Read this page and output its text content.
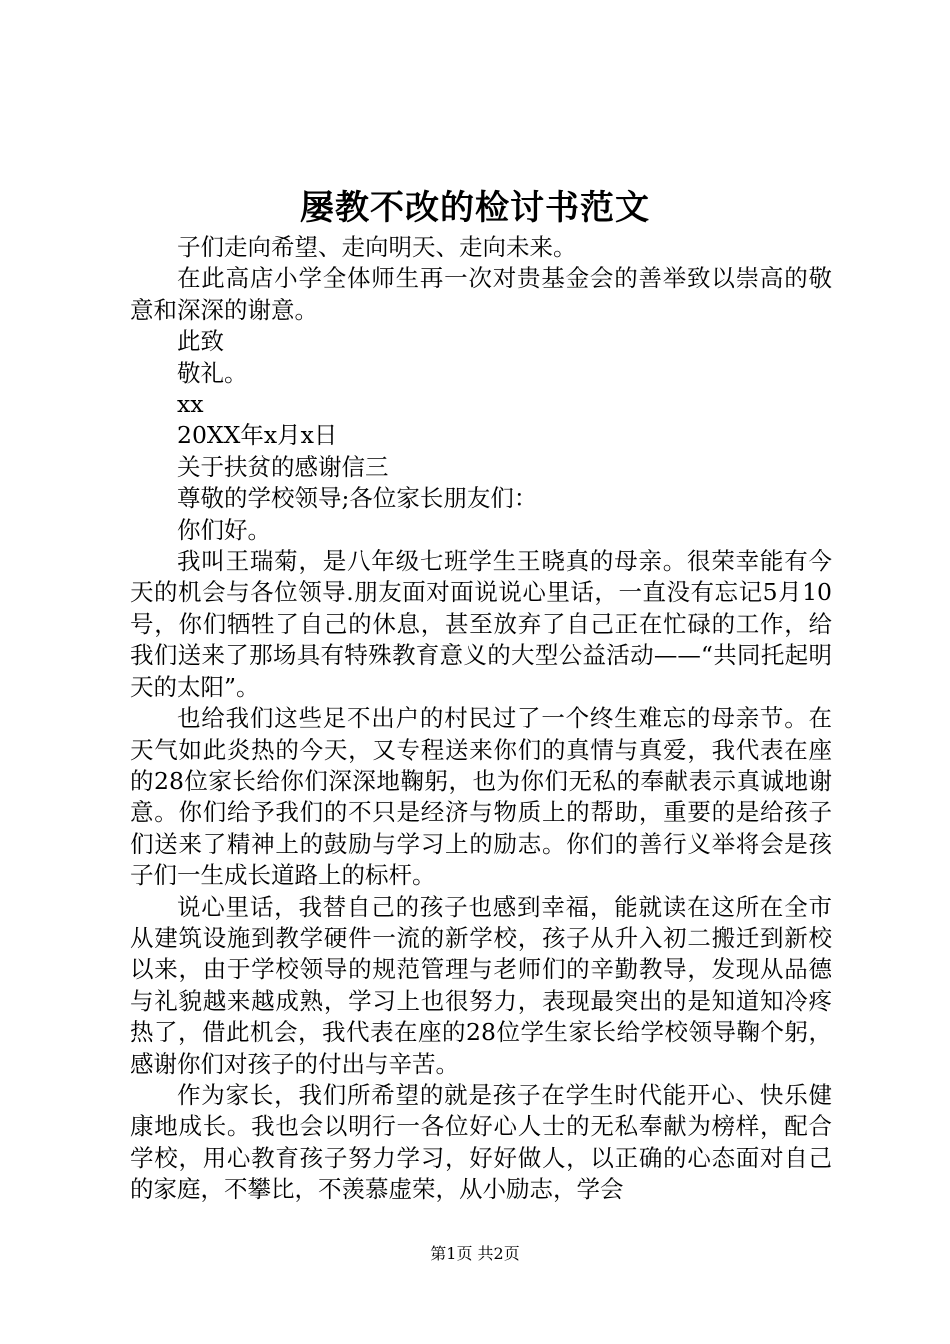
屡教不改的检讨书范文

子们走向希望、走向明天、走向未来。

在此高店小学全体师生再一次对贵基金会的善举致以崇高的敬意和深深的谢意。

此致

敬礼。

xx

20XX年x月x日

关于扶贫的感谢信三

尊敬的学校领导;各位家长朋友们：

你们好。

我叫王瑞菊，是八年级七班学生王晓真的母亲。很荣幸能有今天的机会与各位领导.朋友面对面说说心里话，一直没有忘记5月10号，你们牺牲了自己的休息，甚至放弃了自己正在忙碌的工作，给我们送来了那场具有特殊教育意义的大型公益活动——“共同托起明天的太阳”。

也给我们这些足不出户的村民过了一个终生难忘的母亲节。在天气如此炎热的今天，又专程送来你们的真情与真爱，我代表在座的28位家长给你们深深地鞠躬，也为你们无私的奉献表示真诚地谢意。你们给予我们的不只是经济与物质上的帮助，重要的是给孩子们送来了精神上的鼓励与学习上的励志。你们的善行义举将会是孩子们一生成长道路上的标杆。

说心里话，我替自己的孩子也感到幸福，能就读在这所在全市从建筑设施到教学硬件一流的新学校，孩子从升入初二搬迁到新校以来，由于学校领导的规范管理与老师们的辛勤教导，发现从品德与礼貌越来越成熟，学习上也很努力，表现最突出的是知道知冷疼热了，借此机会，我代表在座的28位学生家长给学校领导鞠个躬，感谢你们对孩子的付出与辛苦。

作为家长，我们所希望的就是孩子在学生时代能开心、快乐健康地成长。我也会以明行一各位好心人士的无私奉献为榜样，配合学校，用心教育孩子努力学习，好好做人，以正确的心态面对自己的家庭，不攀比，不羡慕虚荣，从小励志，学会

第1页 共2页
